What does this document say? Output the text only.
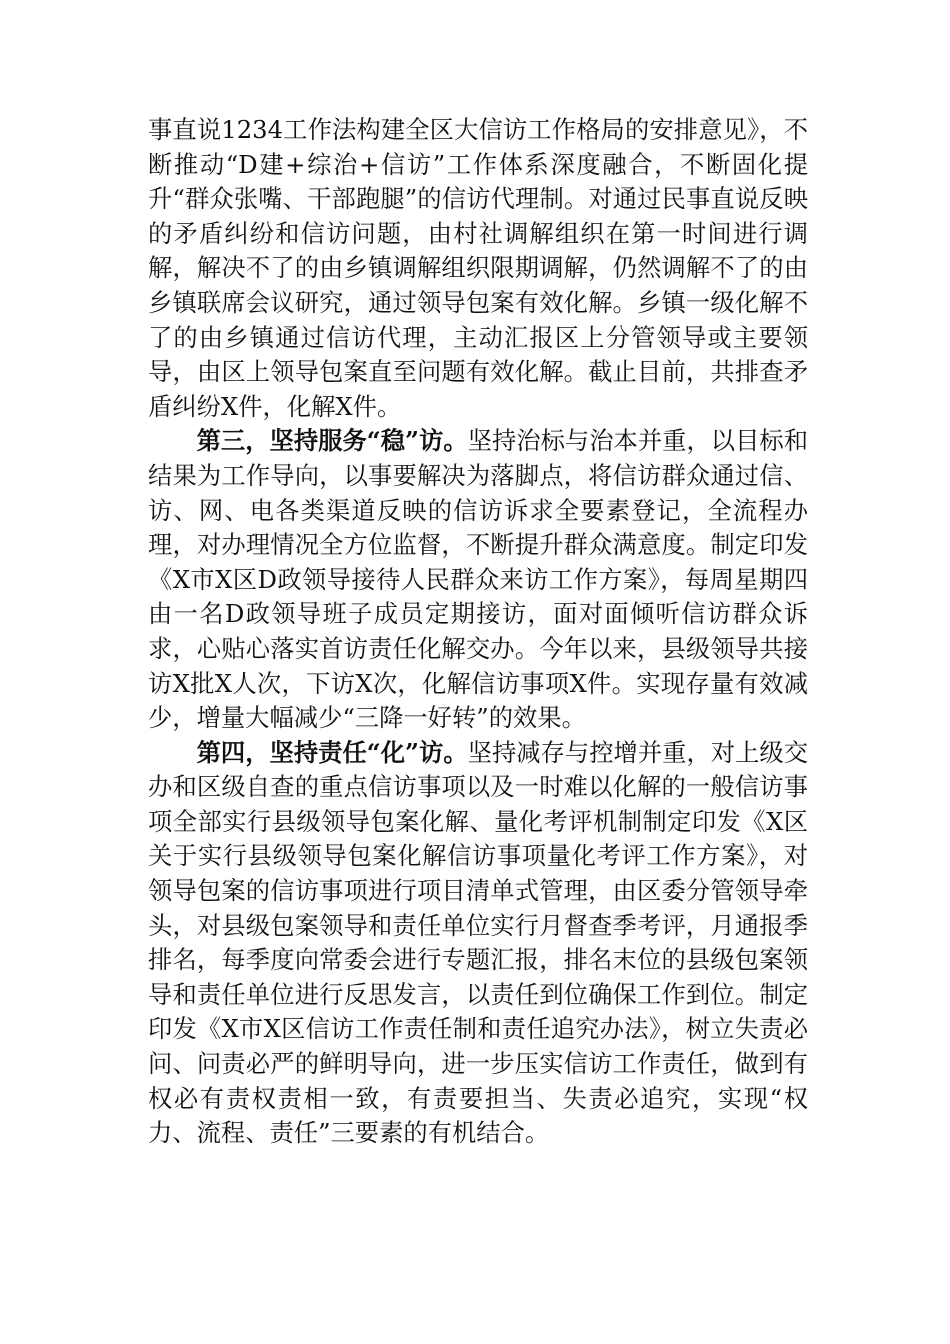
事直说1234工作法构建全区大信访工作格局的安排意见》，不断推动“D建+综治+信访”工作体系深度融合，不断固化提升“群众张嘴、干部跑腿”的信访代理制。对通过民事直说反映的矛盾纠纷和信访问题，由村社调解组织在第一时间进行调解，解决不了的由乡镇调解组织限期调解，仍然调解不了的由乡镇联席会议研究，通过领导包案有效化解。乡镇一级化解不了的由乡镇通过信访代理，主动汇报区上分管领导或主要领导，由区上领导包案直至问题有效化解。截止目前，共排查矛盾纠纷X件，化解X件。

第三，坚持服务“稳”访。坚持治标与治本并重，以目标和结果为工作导向，以事要解决为落脚点，将信访群众通过信、访、网、电各类渠道反映的信访诉求全要素登记，全流程办理，对办理情况全方位监督，不断提升群众满意度。制定印发《X市X区D政领导接待人民群众来访工作方案》，每周星期四由一名D政领导班子成员定期接访，面对面倾听信访群众诉求，心贴心落实首访责任化解交办。今年以来，县级领导共接访X批X人次，下访X次，化解信访事项X件。实现存量有效减少，增量大幅减少“三降一好转”的效果。

第四，坚持责任“化”访。坚持减存与控增并重，对上级交办和区级自查的重点信访事项以及一时难以化解的一般信访事项全部实行县级领导包案化解、量化考评机制制定印发《X区关于实行县级领导包案化解信访事项量化考评工作方案》，对领导包案的信访事项进行项目清单式管理，由区委分管领导牵头，对县级包案领导和责任单位实行月督查季考评，月通报季排名，每季度向常委会进行专题汇报，排名末位的县级包案领导和责任单位进行反思发言，以责任到位确保工作到位。制定印发《X市X区信访工作责任制和责任追究办法》，树立失责必问、问责必严的鲜明导向，进一步压实信访工作责任，做到有权必有责权责相一致，有责要担当、失责必追究，实现“权力、流程、责任”三要素的有机结合。
